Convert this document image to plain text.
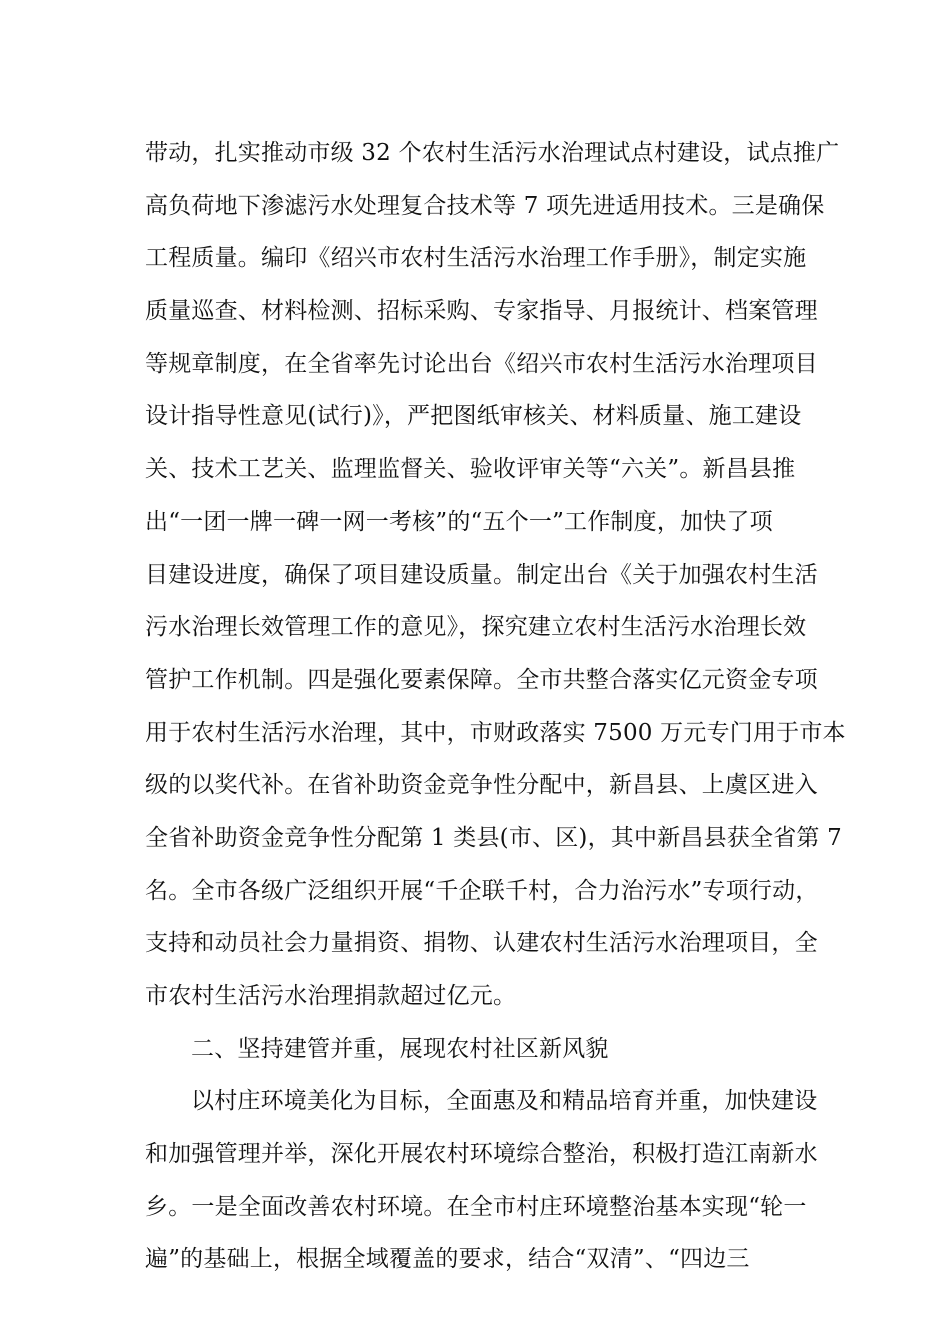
带动，扎实推动市级 32 个农村生活污水治理试点村建设，试点推广
高负荷地下渗滤污水处理复合技术等 7 项先进适用技术。三是确保
工程质量。编印《绍兴市农村生活污水治理工作手册》，制定实施
质量巡查、材料检测、招标采购、专家指导、月报统计、档案管理
等规章制度，在全省率先讨论出台《绍兴市农村生活污水治理项目
设计指导性意见(试行)》，严把图纸审核关、材料质量、施工建设
关、技术工艺关、监理监督关、验收评审关等“六关”。新昌县推
出“一团一牌一碑一网一考核”的“五个一”工作制度，加快了项
目建设进度，确保了项目建设质量。制定出台《关于加强农村生活
污水治理长效管理工作的意见》，探究建立农村生活污水治理长效
管护工作机制。四是强化要素保障。全市共整合落实亿元资金专项
用于农村生活污水治理，其中，市财政落实 7500 万元专门用于市本
级的以奖代补。在省补助资金竞争性分配中，新昌县、上虞区进入
全省补助资金竞争性分配第 1 类县(市、区)，其中新昌县获全省第 7
名。全市各级广泛组织开展“千企联千村，合力治污水”专项行动，
支持和动员社会力量捐资、捐物、认建农村生活污水治理项目，全
市农村生活污水治理捐款超过亿元。
二、坚持建管并重，展现农村社区新风貌
以村庄环境美化为目标，全面惠及和精品培育并重，加快建设
和加强管理并举，深化开展农村环境综合整治，积极打造江南新水
乡。一是全面改善农村环境。在全市村庄环境整治基本实现“轮一
遍”的基础上，根据全域覆盖的要求，结合“双清”、“四边三
